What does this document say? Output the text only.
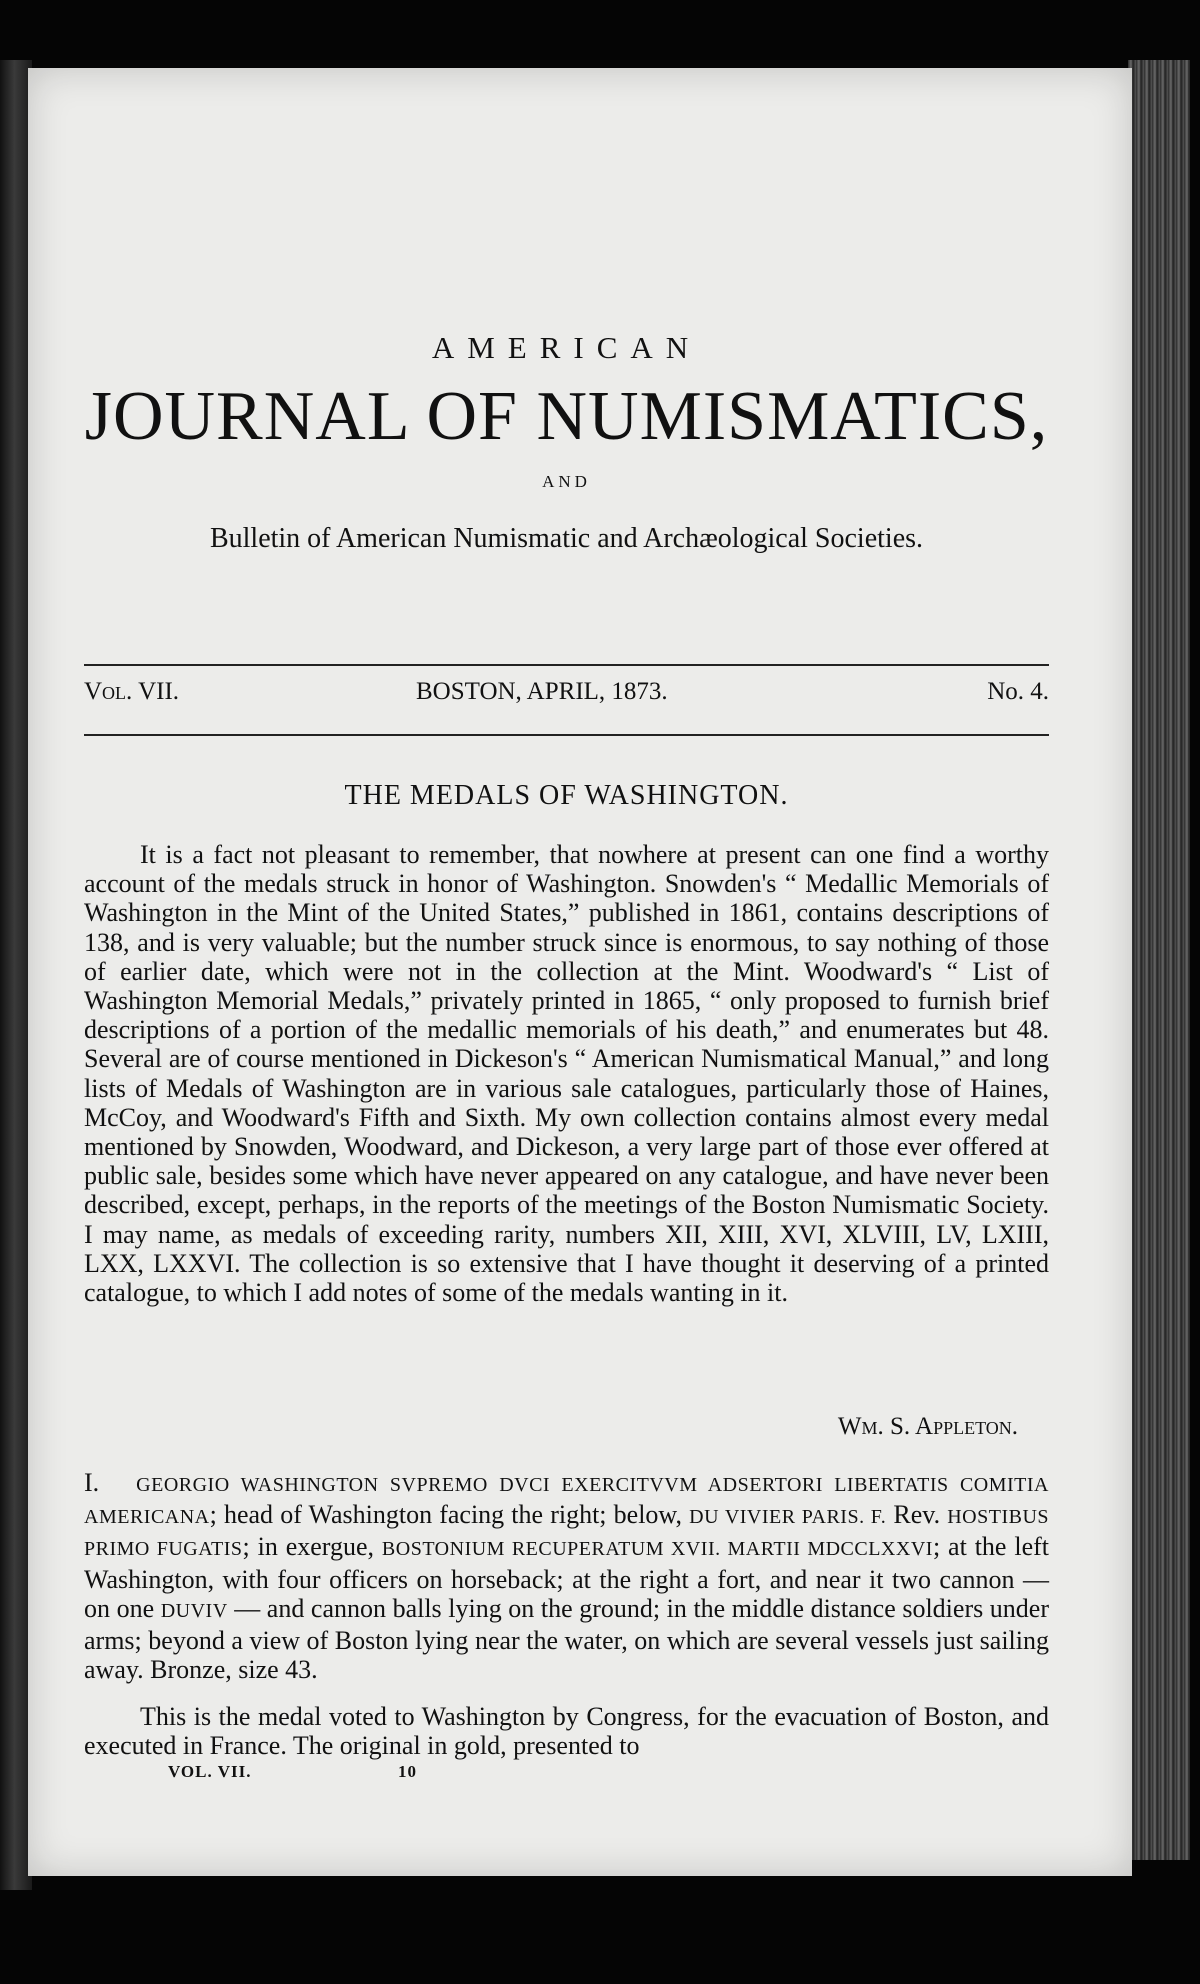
AMERICAN
JOURNAL OF NUMISMATICS,
AND
Bulletin of American Numismatic and Archæological Societies.
Vol. VII.	BOSTON, APRIL, 1873.	No. 4.
THE MEDALS OF WASHINGTON.
It is a fact not pleasant to remember, that nowhere at present can one find a worthy account of the medals struck in honor of Washington. Snowden's “ Medallic Memorials of Washington in the Mint of the United States,” published in 1861, contains descriptions of 138, and is very valuable; but the number struck since is enormous, to say nothing of those of earlier date, which were not in the collection at the Mint. Woodward's “ List of Washington Memorial Medals,” privately printed in 1865, “ only proposed to furnish brief descriptions of a portion of the medallic memorials of his death,” and enumerates but 48. Several are of course mentioned in Dickeson's “ American Numismatical Manual,” and long lists of Medals of Washington are in various sale catalogues, particularly those of Haines, McCoy, and Woodward's Fifth and Sixth. My own collection contains almost every medal mentioned by Snowden, Woodward, and Dickeson, a very large part of those ever offered at public sale, besides some which have never appeared on any catalogue, and have never been described, except, perhaps, in the reports of the meetings of the Boston Numismatic Society. I may name, as medals of exceeding rarity, numbers XII, XIII, XVI, XLVIII, LV, LXIII, LXX, LXXVI. The collection is so extensive that I have thought it deserving of a printed catalogue, to which I add notes of some of the medals wanting in it.
Wm. S. Appleton.
I. GEORGIO WASHINGTON SVPREMO DVCI EXERCITVVM ADSERTORI LIBERTATIS COMITIA AMERICANA; head of Washington facing the right; below, DU VIVIER PARIS. F. Rev. HOSTIBUS PRIMO FUGATIS; in exergue, BOSTONIUM RECUPERATUM XVII. MARTII MDCCLXXVI; at the left Washington, with four officers on horseback; at the right a fort, and near it two cannon — on one DUVIV — and cannon balls lying on the ground; in the middle distance soldiers under arms; beyond a view of Boston lying near the water, on which are several vessels just sailing away. Bronze, size 43.
This is the medal voted to Washington by Congress, for the evacuation of Boston, and executed in France. The original in gold, presented to
VOL. VII.	10
